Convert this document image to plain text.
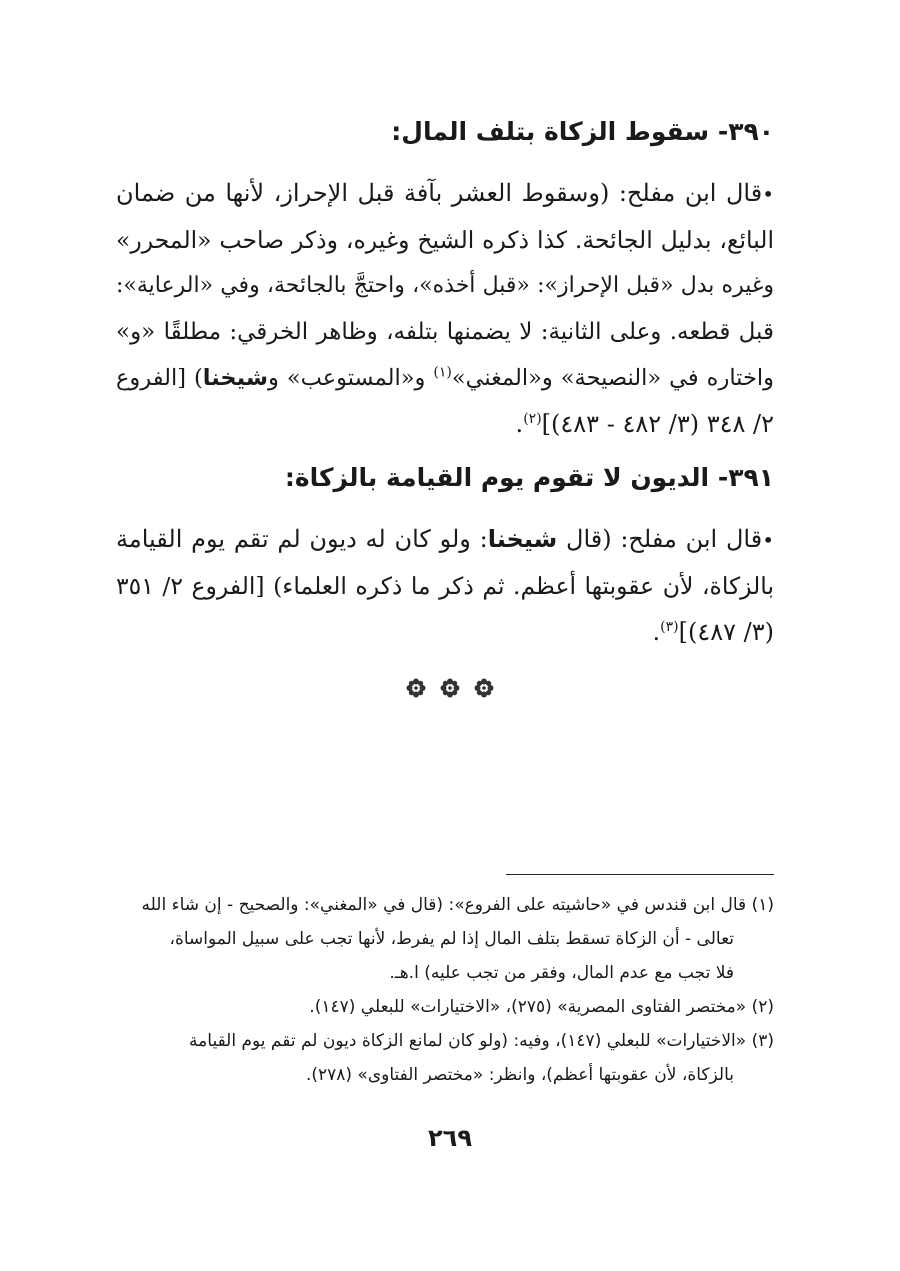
٣٩٠- سقوط الزكاة بتلف المال:
•قال ابن مفلح: (وسقوط العشر بآفة قبل الإحراز، لأنها من ضمان
البائع، بدليل الجائحة. كذا ذكره الشيخ وغيره، وذكر صاحب «المحرر»
وغيره بدل «قبل الإحراز»: «قبل أخذه»، واحتجَّ بالجائحة، وفي «الرعاية»:
قبل قطعه. وعلى الثانية: لا يضمنها بتلفه، وظاهر الخرقي: مطلقًا «و»
واختاره في «النصيحة» و«المغني»$^{(١)}$ و«المستوعب» وشيخنا) [الفروع
٢/ ٣٤٨ (٣/ ٤٨٢ - ٤٨٣)]$^{(٢)}$.
٣٩١- الديون لا تقوم يوم القيامة بالزكاة:
•قال ابن مفلح: (قال شيخنا: ولو كان له ديون لم تقم يوم القيامة
بالزكاة، لأن عقوبتها أعظم. ثم ذكر ما ذكره العلماء) [الفروع ٢/ ٣٥١
(٣/ ٤٨٧)]$^{(٣)}$.
(١) قال ابن قندس في «حاشيته على الفروع»: (قال في «المغني»: والصحيح - إن شاء الله
تعالى - أن الزكاة تسقط بتلف المال إذا لم يفرط، لأنها تجب على سبيل المواساة،
فلا تجب مع عدم المال، وفقر من تجب عليه) ا.هـ.
(٢) «مختصر الفتاوى المصرية» (٢٧٥)، «الاختيارات» للبعلي (١٤٧).
(٣) «الاختيارات» للبعلي (١٤٧)، وفيه: (ولو كان لمانع الزكاة ديون لم تقم يوم القيامة
بالزكاة، لأن عقوبتها أعظم)، وانظر: «مختصر الفتاوى» (٢٧٨).
٢٦٩
